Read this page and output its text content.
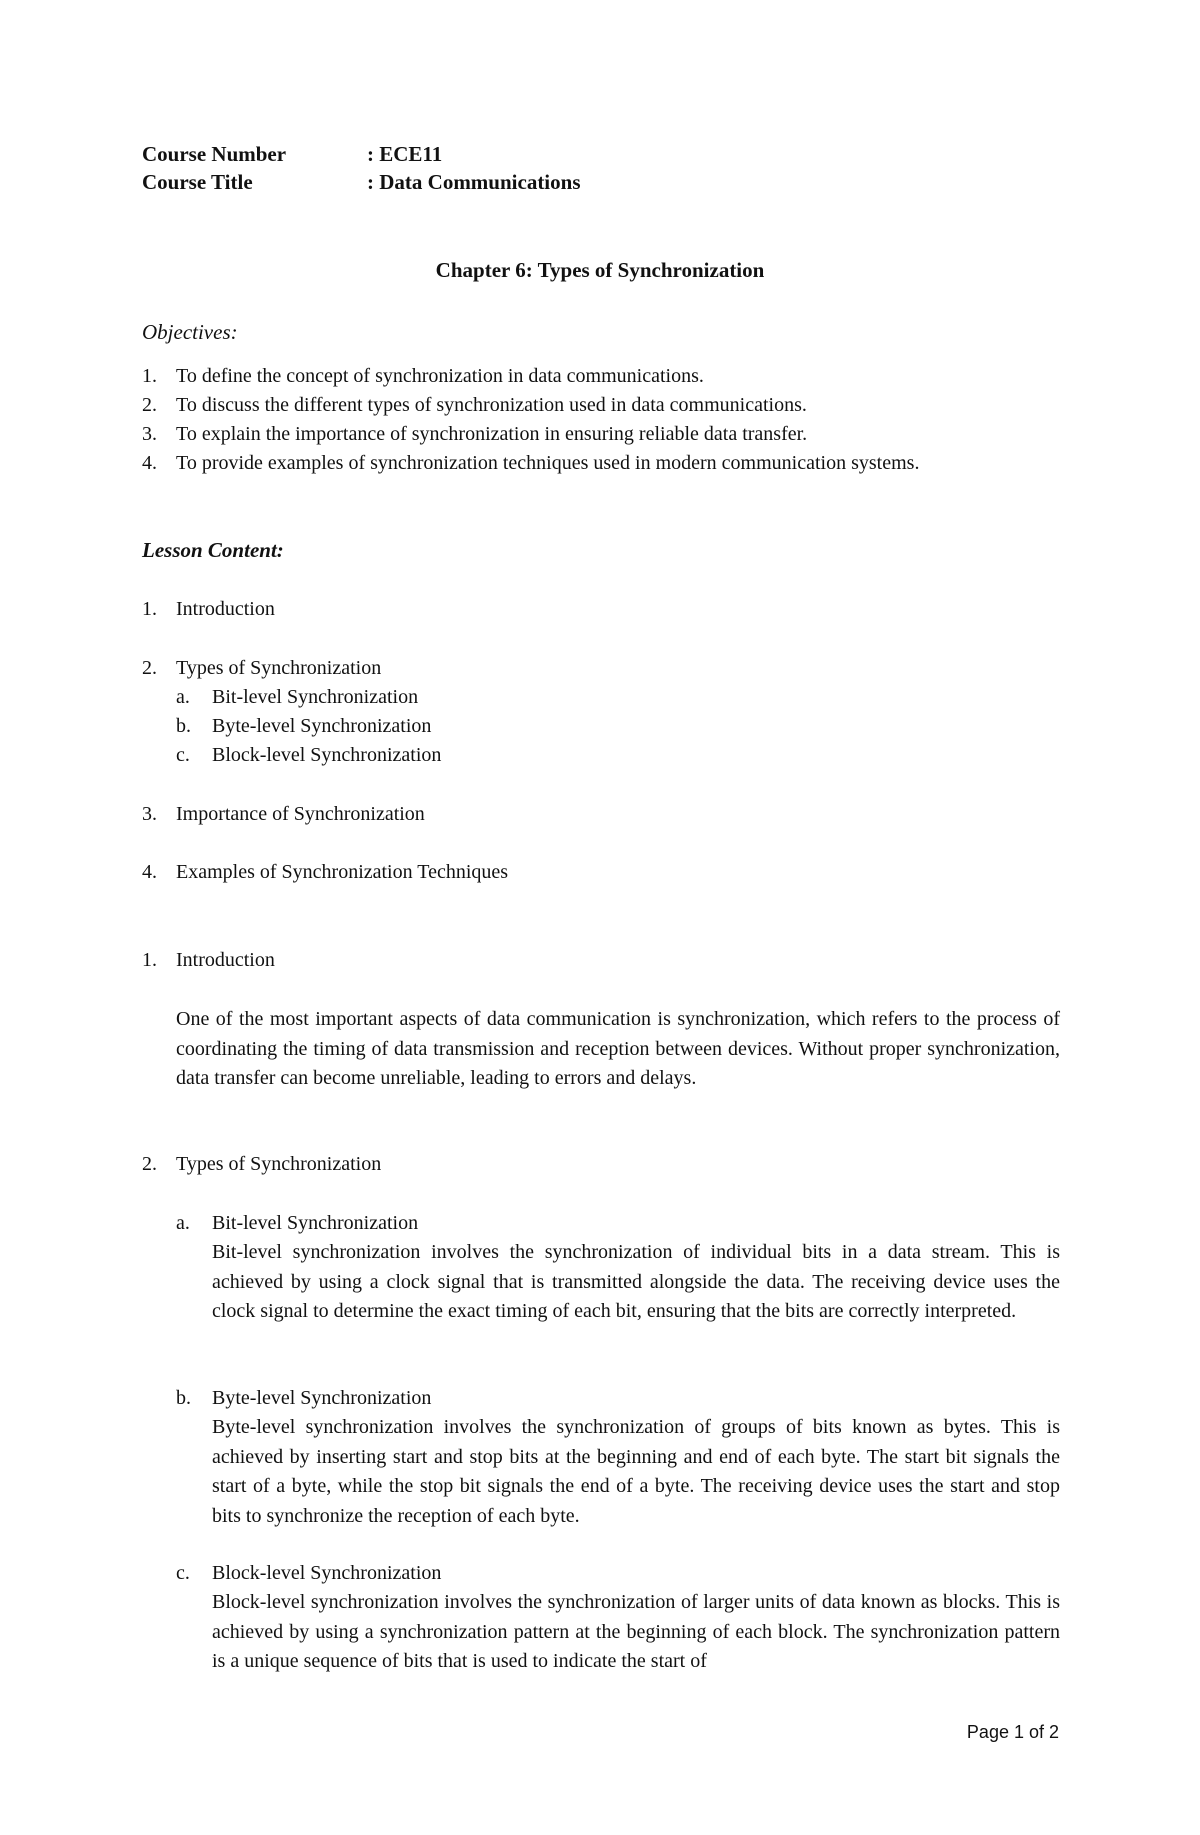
Course Number	: ECE11
Course Title	: Data Communications
Chapter 6: Types of Synchronization
Objectives:
1. To define the concept of synchronization in data communications.
2. To discuss the different types of synchronization used in data communications.
3. To explain the importance of synchronization in ensuring reliable data transfer.
4. To provide examples of synchronization techniques used in modern communication systems.
Lesson Content:
1. Introduction
2. Types of Synchronization
a.	Bit-level Synchronization
b.	Byte-level Synchronization
c.	Block-level Synchronization
3. Importance of Synchronization
4. Examples of Synchronization Techniques
1. Introduction

One of the most important aspects of data communication is synchronization, which refers to the process of coordinating the timing of data transmission and reception between devices. Without proper synchronization, data transfer can become unreliable, leading to errors and delays.

2. Types of Synchronization
a.	Bit-level Synchronization

Bit-level synchronization involves the synchronization of individual bits in a data stream. This is achieved by using a clock signal that is transmitted alongside the data. The receiving device uses the clock signal to determine the exact timing of each bit, ensuring that the bits are correctly interpreted.

b.	Byte-level Synchronization

Byte-level synchronization involves the synchronization of groups of bits known as bytes. This is achieved by inserting start and stop bits at the beginning and end of each byte. The start bit signals the start of a byte, while the stop bit signals the end of a byte. The receiving device uses the start and stop bits to synchronize the reception of each byte.

c.	Block-level Synchronization

Block-level synchronization involves the synchronization of larger units of data known as blocks. This is achieved by using a synchronization pattern at the beginning of each block. The synchronization pattern is a unique sequence of bits that is used to indicate the start of

Page 1 of 2
